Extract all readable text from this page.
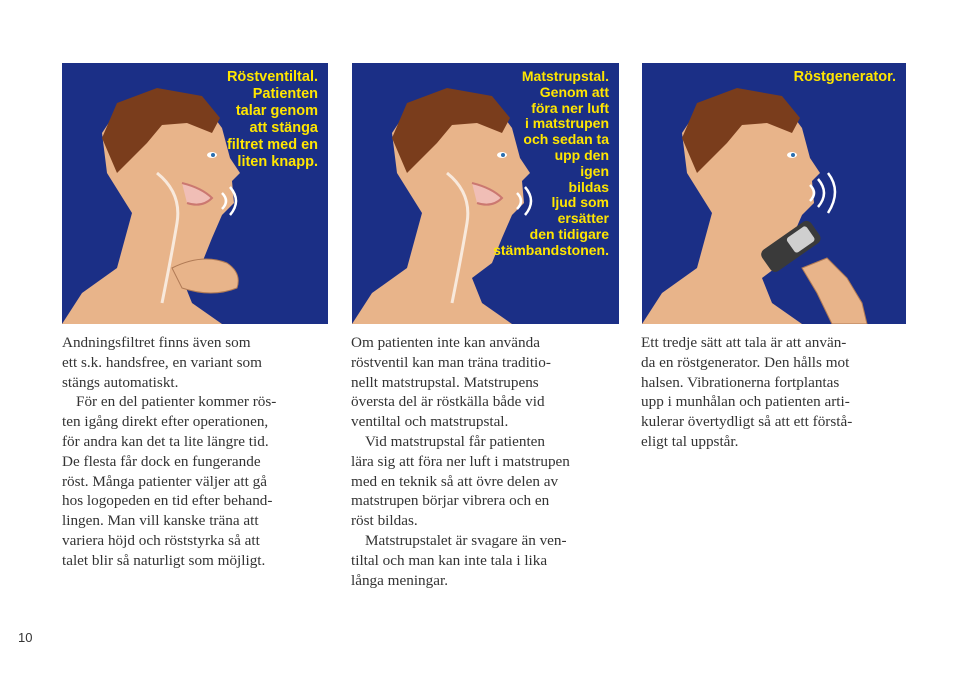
Röstventiltal.
Patienten
talar genom
att stänga
filtret med en
liten knapp.
Matstrupstal.
Genom att
föra ner luft
i matstrupen
och sedan ta
upp den
igen
bildas
ljud som
ersätter
den tidigare
stämbandstonen.
Röstgenerator.

Andningsfiltret finns även som
ett s.k. handsfree, en variant som
stängs automatiskt.

För en del patienter kommer rös-
ten igång direkt efter operationen,
för andra kan det ta lite längre tid.
De flesta får dock en fungerande
röst. Många patienter väljer att gå
hos logopeden en tid efter behand-
lingen. Man vill kanske träna att
variera höjd och röststyrka så att
talet blir så naturligt som möjligt.

Om patienten inte kan använda
röstventil kan man träna traditio-
nellt matstrupstal. Matstrupens
översta del är röstkälla både vid
ventiltal och matstrupstal.

Vid matstrupstal får patienten
lära sig att föra ner luft i matstrupen
med en teknik så att övre delen av
matstrupen börjar vibrera och en
röst bildas.

Matstrupstalet är svagare än ven-
tiltal och man kan inte tala i lika
långa meningar.

Ett tredje sätt att tala är att använ-
da en röstgenerator. Den hålls mot
halsen. Vibrationerna fortplantas
upp i munhålan och patienten arti-
kulerar övertydligt så att ett förstå-
eligt tal uppstår.

10
